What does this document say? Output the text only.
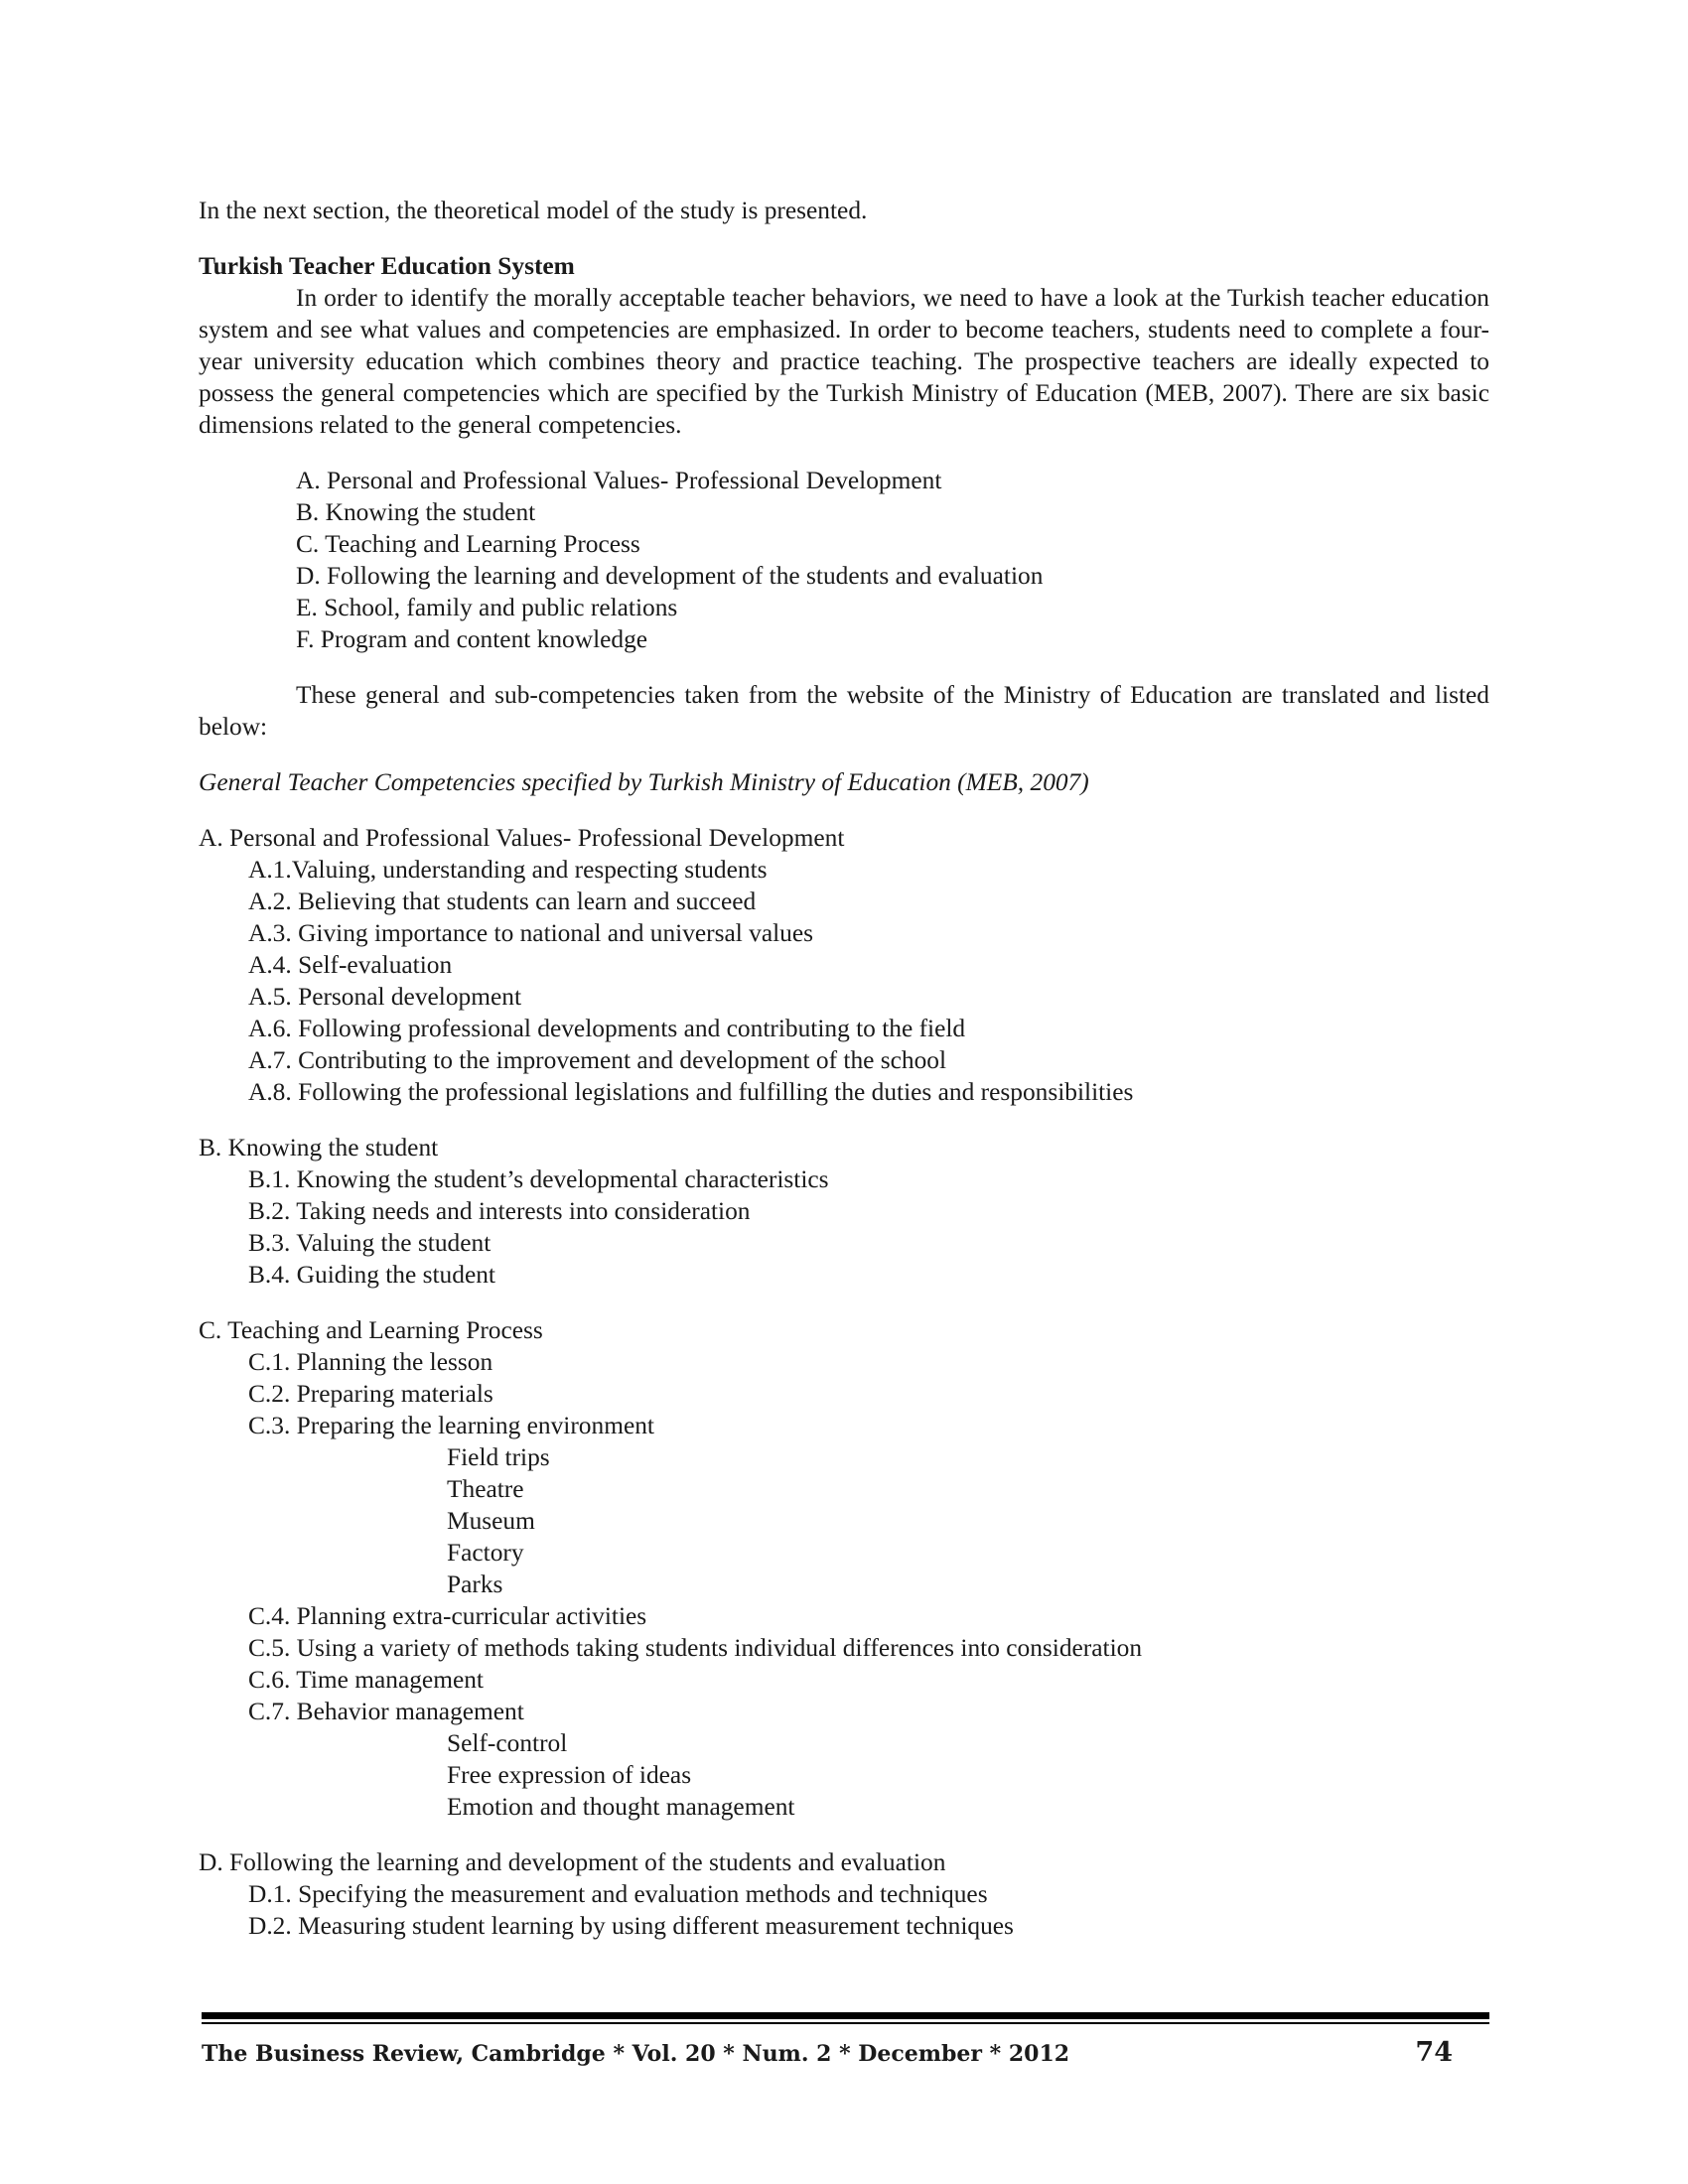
In the next section, the theoretical model of the study is presented.

Turkish Teacher Education System

In order to identify the morally acceptable teacher behaviors, we need to have a look at the Turkish teacher education system and see what values and competencies are emphasized. In order to become teachers, students need to complete a four-year university education which combines theory and practice teaching. The prospective teachers are ideally expected to possess the general competencies which are specified by the Turkish Ministry of Education (MEB, 2007). There are six basic dimensions related to the general competencies.

A. Personal and Professional Values- Professional Development
B. Knowing the student
C. Teaching and Learning Process
D. Following the learning and development of the students and evaluation
E. School, family and public relations
F. Program and content knowledge

These general and sub-competencies taken from the website of the Ministry of Education are translated and listed below:

General Teacher Competencies specified by Turkish Ministry of Education (MEB, 2007)

A. Personal and Professional Values- Professional Development
A.1.Valuing, understanding and respecting students
A.2. Believing that students can learn and succeed
A.3. Giving importance to national and universal values
A.4. Self-evaluation
A.5. Personal development
A.6. Following professional developments and contributing to the field
A.7. Contributing to the improvement and development of the school
A.8. Following the professional legislations and fulfilling the duties and responsibilities
B. Knowing the student
B.1. Knowing the student’s developmental characteristics
B.2. Taking needs and interests into consideration
B.3. Valuing the student
B.4. Guiding the student
C. Teaching and Learning Process
C.1. Planning the lesson
C.2. Preparing materials
C.3. Preparing the learning environment
Field trips
Theatre
Museum
Factory
Parks
C.4. Planning extra-curricular activities
C.5. Using a variety of methods taking students individual differences into consideration
C.6. Time management
C.7. Behavior management
Self-control
Free expression of ideas
Emotion and thought management
D. Following the learning and development of the students and evaluation
D.1. Specifying the measurement and evaluation methods and techniques
D.2. Measuring student learning by using different measurement techniques
The Business Review, Cambridge * Vol. 20 * Num. 2 * December * 2012	74
